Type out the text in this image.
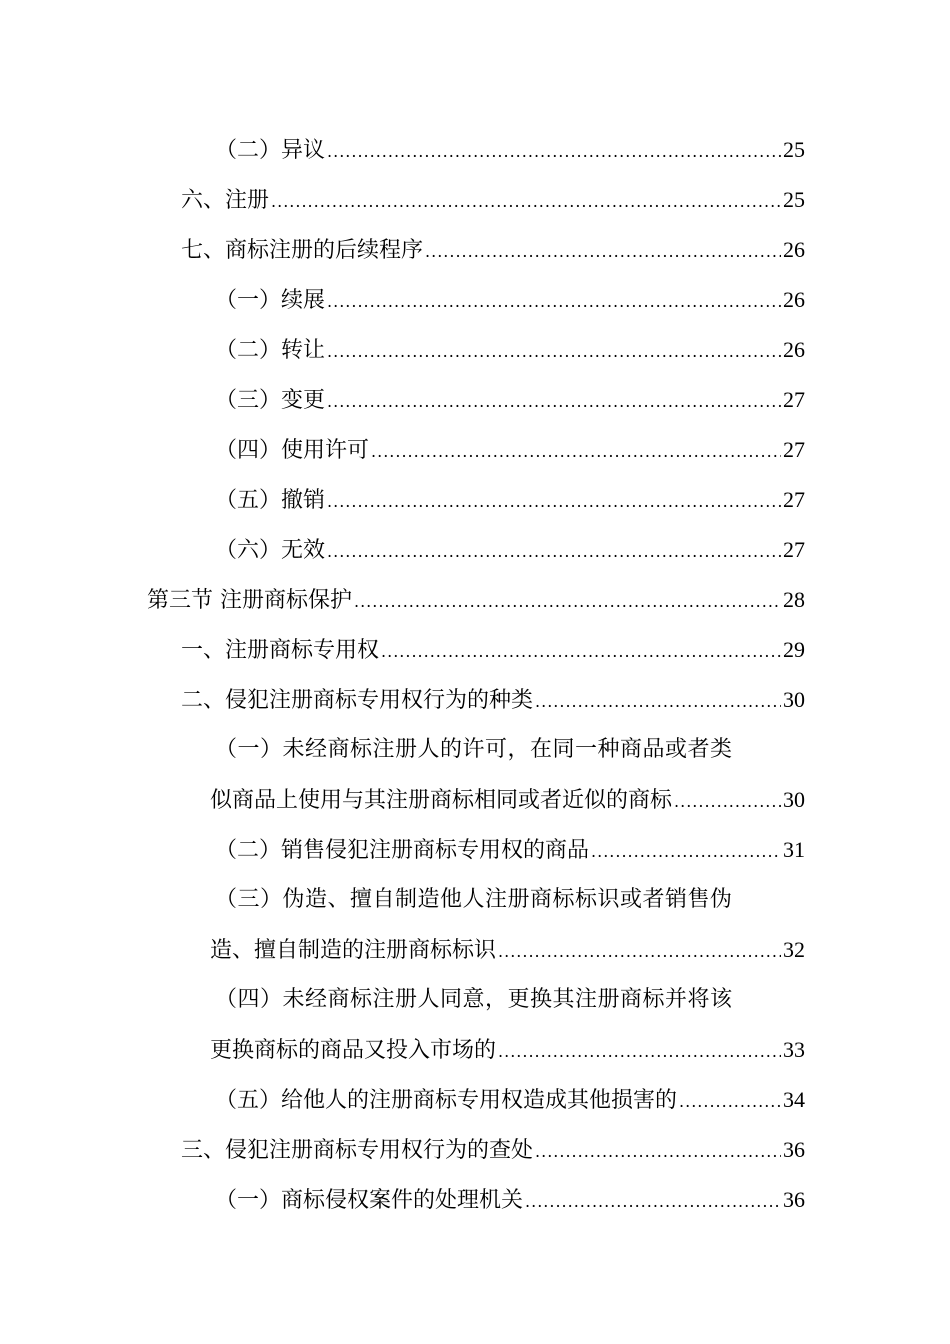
（二）异议 .....	25
六、注册 .....	25
七、商标注册的后续程序 .....	26
（一）续展 .....	26
（二）转让 .....	26
（三）变更 .....	27
（四）使用许可 .....	27
（五）撤销 .....	27
（六）无效 .....	27
第三节 注册商标保护 .....	28
一、注册商标专用权 .....	29
二、侵犯注册商标专用权行为的种类 .....	30
（一）未经商标注册人的许可，在同一种商品或者类
似商品上使用与其注册商标相同或者近似的商标 .....	30
（二）销售侵犯注册商标专用权的商品 .....	31
（三）伪造、擅自制造他人注册商标标识或者销售伪
造、擅自制造的注册商标标识 .....	32
（四）未经商标注册人同意，更换其注册商标并将该
更换商标的商品又投入市场的 .....	33
（五）给他人的注册商标专用权造成其他损害的 .....	34
三、侵犯注册商标专用权行为的查处 .....	36
（一）商标侵权案件的处理机关 .....	36
